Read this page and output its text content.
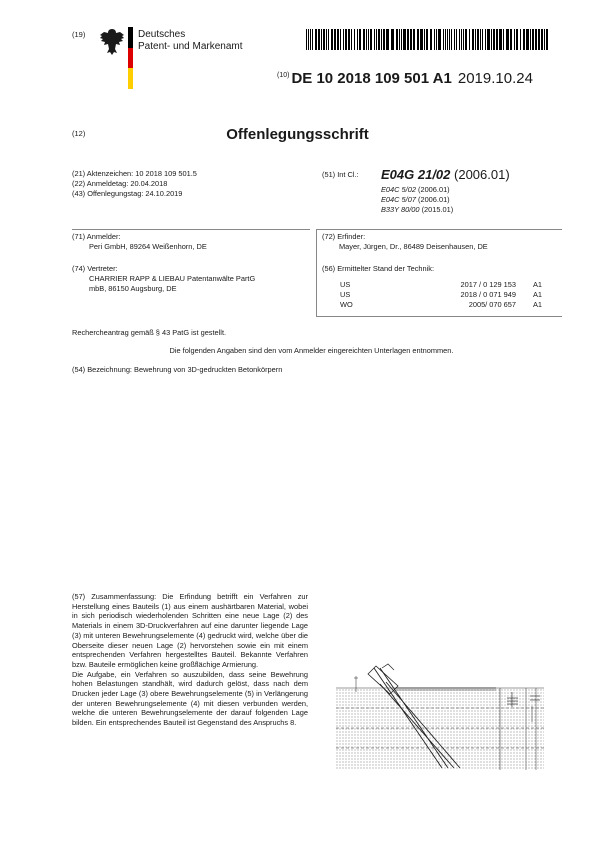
(19)	Deutsches
Patent- und Markenamt
$^{(10)}$ DE 10 2018 109 501 A1 2019.10.24
(12)	Offenlegungsschrift
(21) Aktenzeichen: 10 2018 109 501.5
(22) Anmeldetag: 20.04.2018
(43) Offenlegungstag: 24.10.2019
(51) Int Cl.: E04G 21/02 (2006.01)
E04C 5/02 (2006.01)
E04C 5/07 (2006.01)
B33Y 80/00 (2015.01)
(71) Anmelder:
Peri GmbH, 89264 Weißenhorn, DE
(74) Vertreter:
CHARRIER RAPP & LIEBAU Patentanwälte PartG
mbB, 86150 Augsburg, DE
(72) Erfinder:
Mayer, Jürgen, Dr., 86489 Deisenhausen, DE
(56) Ermittelter Stand der Technik:
US	2017 / 0 129 153	A1
US	2018 / 0 071 949	A1
WO	2005/ 070 657	A1
Rechercheantrag gemäß § 43 PatG ist gestellt.
Die folgenden Angaben sind den vom Anmelder eingereichten Unterlagen entnommen.
(54) Bezeichnung: Bewehrung von 3D-gedruckten Betonkörpern

(57) Zusammenfassung: Die Erfindung betrifft ein Verfahren zur Herstellung eines Bauteils (1) aus einem aushärtbaren Material, wobei in sich periodisch wiederholenden Schritten eine neue Lage (2) des Materials in einem 3D-Druckverfahren auf eine darunter liegende Lage (3) mit unteren Bewehrungselemente (4) gedruckt wird, welche über die Oberseite dieser neuen Lage (2) hervorstehen sowie ein mit einem entsprechenden Verfahren hergestelltes Bauteil. Bekannte Verfahren bzw. Bauteile ermöglichen keine großflächige Armierung.

Die Aufgabe, ein Verfahren so auszubilden, dass seine Bewehrung hohen Belastungen standhält, wird dadurch gelöst, dass nach dem Drucken jeder Lage (3) obere Bewehrungselemente (5) in Verlängerung der unteren Bewehrungselemente (4) mit diesen verbunden werden, welche die unteren Bewehrungselemente der darauf folgenden Lage bilden. Ein entsprechendes Bauteil ist Gegenstand des Anspruchs 8.
